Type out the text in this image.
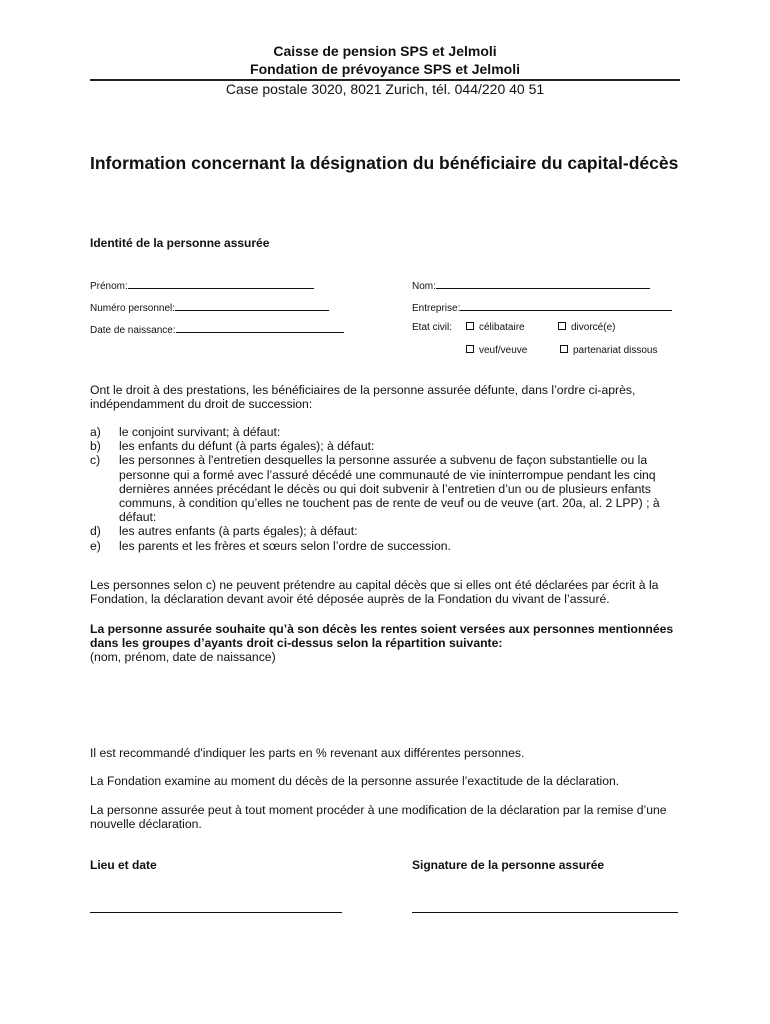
Caisse de pension SPS et Jelmoli
Fondation de prévoyance SPS et Jelmoli
Case postale 3020, 8021 Zurich, tél. 044/220 40 51
Information concernant la désignation du bénéficiaire du capital-décès
Identité de la personne assurée
Prénom:	Nom:
Numéro personnel:	Entreprise:
Date de naissance:	Etat civil:	célibataire	divorcé(e)
veuf/veuve	partenariat dissous
Ont le droit à des prestations, les bénéficiaires de la personne assurée défunte, dans l’ordre ci-après, indépendamment du droit de succession:
a)	le conjoint survivant; à défaut:
b)	les enfants du défunt (à parts égales); à défaut:
c)	les personnes à l'entretien desquelles la personne assurée a subvenu de façon substantielle ou la personne qui a formé avec l’assuré décédé une communauté de vie ininterrompue pendant les cinq dernières années précédant le décès ou qui doit subvenir à l’entretien d’un ou de plusieurs enfants communs, à condition qu’elles ne touchent pas de rente de veuf ou de veuve (art. 20a, al. 2 LPP) ; à défaut:
d)	les autres enfants (à parts égales); à défaut:
e)	les parents et les frères et sœurs selon l’ordre de succession.
Les personnes selon c) ne peuvent prétendre au capital décès que si elles ont été déclarées par écrit à la Fondation, la déclaration devant avoir été déposée auprès de la Fondation du vivant de l’assuré.
La personne assurée souhaite qu’à son décès les rentes soient versées aux personnes mentionnées dans les groupes d’ayants droit ci-dessus selon la répartition suivante:
(nom, prénom, date de naissance)
Il est recommandé d'indiquer les parts en % revenant aux différentes personnes.
La Fondation examine au moment du décès de la personne assurée l’exactitude de la déclaration.
La personne assurée peut à tout moment procéder à une modification de la déclaration par la remise d’une nouvelle déclaration.
Lieu et date	Signature de la personne assurée
